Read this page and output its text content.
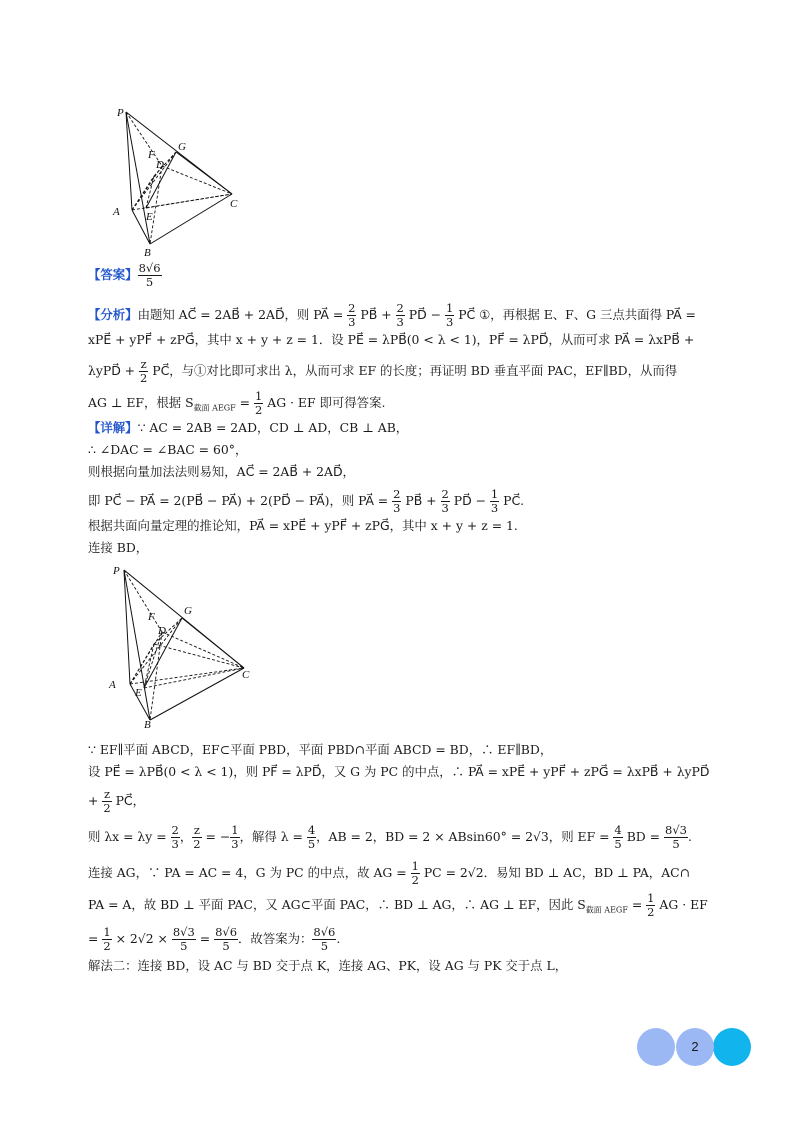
P
G
F
D
A E
C
B
【答案】 $\frac{8√6}{5}$
【分析】由题知 AC⃗ = 2AB⃗ + 2AD⃗，则 PA⃗ = $\frac{2}{3}$ PB⃗ + $\frac{2}{3}$ PD⃗ − $\frac{1}{3}$ PC⃗ ①，再根据 E、F、G 三点共面得 PA⃗ =
xPE⃗ + yPF⃗ + zPG⃗，其中 x + y + z = 1．设 PE⃗ = λPB⃗(0 < λ < 1)，PF⃗ = λPD⃗，从而可求 PA⃗ = λxPB⃗ +
λyPD⃗ + $\frac{z}{2}$ PC⃗，与①对比即可求出 λ，从而可求 EF 的长度；再证明 BD 垂直平面 PAC，EF∥BD，从而得
AG ⊥ EF，根据 $S_{截面 AEGF} = \frac{1}{2}$ AG · EF 即可得答案.
【详解】∵ AC = 2AB = 2AD，CD ⊥ AD，CB ⊥ AB，
∴ ∠DAC = ∠BAC = 60°，
则根据向量加法法则易知，AC⃗ = 2AB⃗ + 2AD⃗，
即 PC⃗ − PA⃗ = 2(PB⃗ − PA⃗) + 2(PD⃗ − PA⃗)，则 PA⃗ = $\frac{2}{3}$ PB⃗ + $\frac{2}{3}$ PD⃗ − $\frac{1}{3}$ PC⃗.
根据共面向量定理的推论知，PA⃗ = xPE⃗ + yPF⃗ + zPG⃗，其中 x + y + z = 1.
连接 BD，
P
G
F
D
A
E
C
B
∵ EF∥平面 ABCD，EF⊂平面 PBD，平面 PBD∩平面 ABCD = BD，∴ EF∥BD，
设 PE⃗ = λPB⃗(0 < λ < 1)，则 PF⃗ = λPD⃗，又 G 为 PC 的中点，∴ PA⃗ = xPE⃗ + yPF⃗ + zPG⃗ = λxPB⃗ + λyPD⃗
+ $\frac{z}{2}$ PC⃗，
则 $\lambda x = \lambda y = \frac{2}{3}$ ， $\frac{z}{2}$ = − $\frac{1}{3}$ ，解得 $\lambda = \frac{4}{5}$ ，AB = 2，BD = 2 × ABsin60° = 2√3，则 EF = $\frac{4}{5}$ BD = $\frac{8√3}{5}$ .
连接 AG，∵ PA = AC = 4，G 为 PC 的中点，故 AG = $\frac{1}{2}$ PC = 2√2．易知 BD ⊥ AC，BD ⊥ PA，AC∩
PA = A，故 BD ⊥ 平面 PAC，又 AG⊂平面 PAC，∴ BD ⊥ AG，∴ AG ⊥ EF，因此 $S_{截面 AEGF} = \frac{1}{2}$ AG · EF
= $\frac{1}{2} \times 2√2 \times \frac{8√3}{5} = \frac{8√6}{5}$ ．故答案为： $\frac{8√6}{5}$ .
解法二：连接 BD，设 AC 与 BD 交于点 K，连接 AG、PK，设 AG 与 PK 交于点 L，
2
